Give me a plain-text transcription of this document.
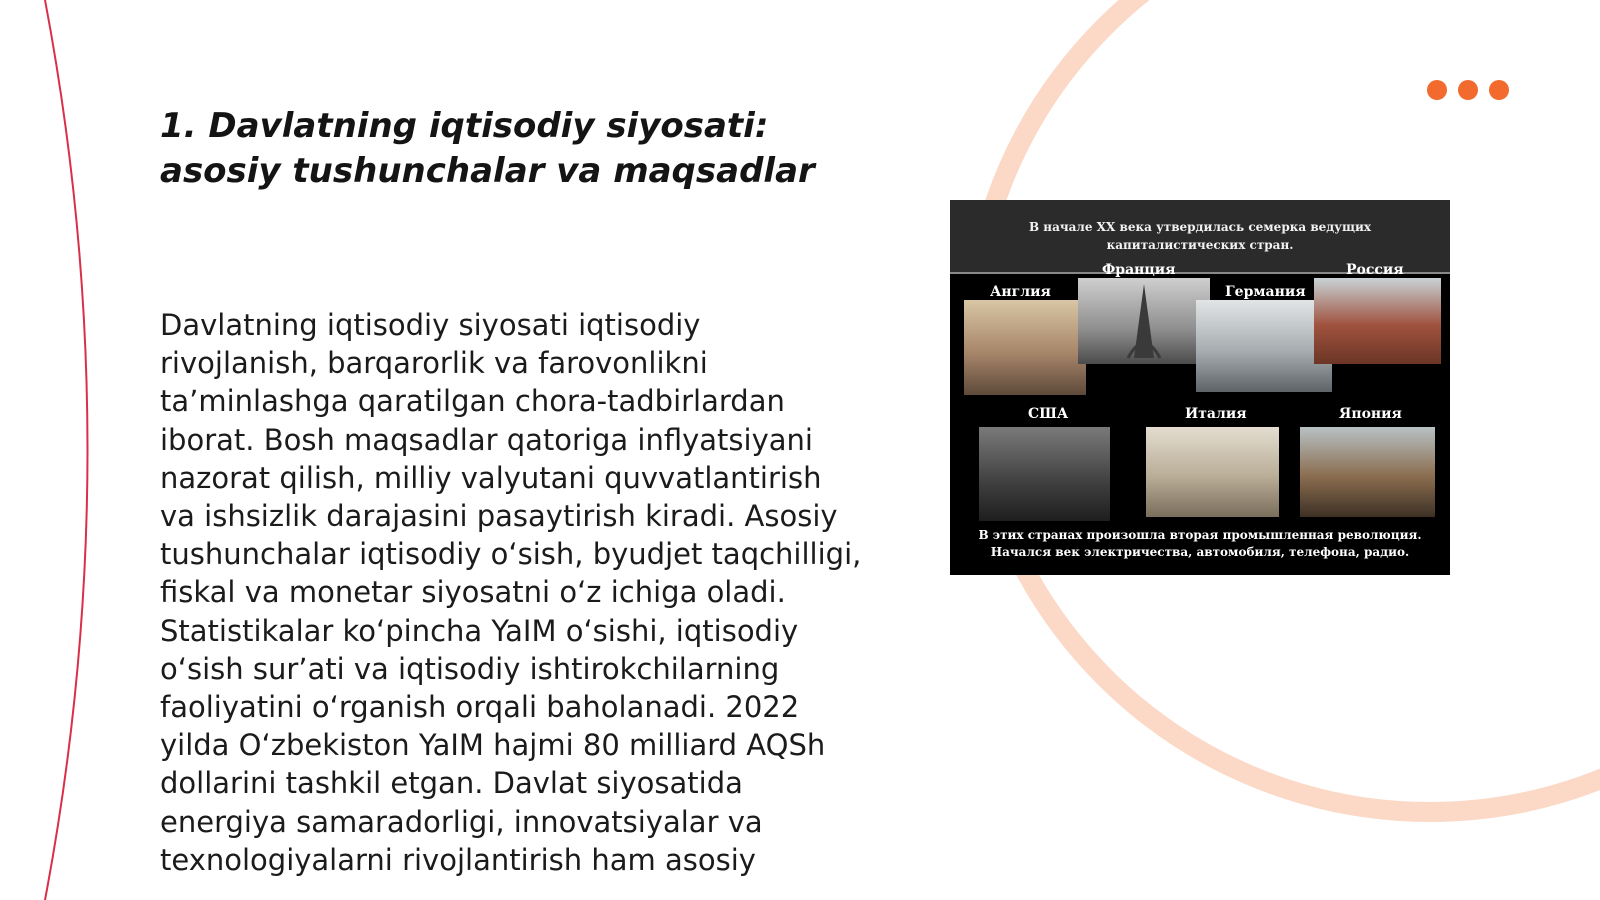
1. Davlatning iqtisodiy siyosati: asosiy tushunchalar va maqsadlar

Davlatning iqtisodiy siyosati iqtisodiy rivojlanish, barqarorlik va farovonlikni ta’minlashga qaratilgan chora-tadbirlardan iborat. Bosh maqsadlar qatoriga inflyatsiyani nazorat qilish, milliy valyutani quvvatlantirish va ishsizlik darajasini pasaytirish kiradi. Asosiy tushunchalar iqtisodiy o‘sish, byudjet taqchilligi, fiskal va monetar siyosatni o‘z ichiga oladi. Statistikalar ko‘pincha YaIM o‘sishi, iqtisodiy o‘sish sur’ati va iqtisodiy ishtirokchilarning faoliyatini o‘rganish orqali baholanadi. 2022 yilda O‘zbekiston YaIM hajmi 80 milliard AQSh dollarini tashkil etgan. Davlat siyosatida energiya samaradorligi, innovatsiyalar va texnologiyalarni rivojlantirish ham asosiy

В начале XX века утвердилась семерка ведущих
капиталистических стран.
Англия
Франция
Германия
Россия
США	Италия	Япония
В этих странах произошла вторая промышленная революция.
Начался век электричества, автомобиля, телефона, радио.
